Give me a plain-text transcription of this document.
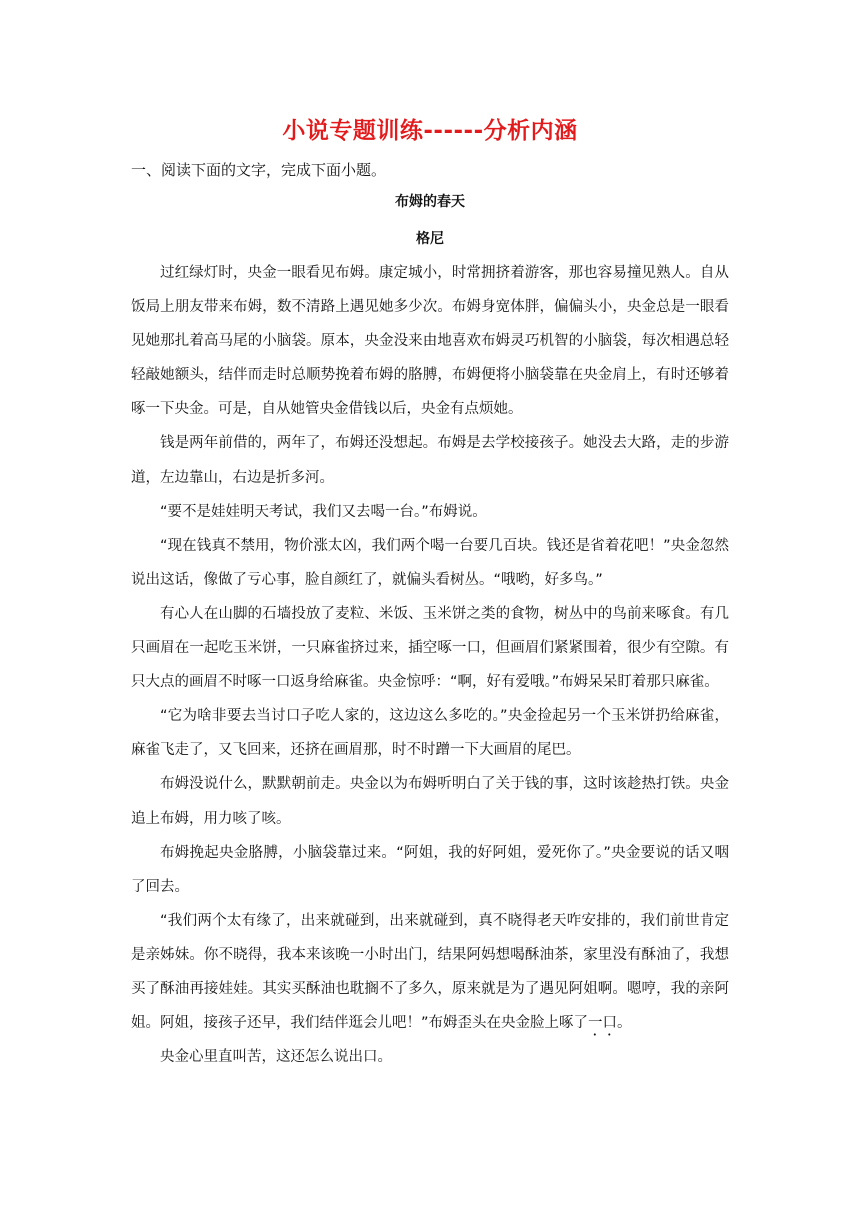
小说专题训练------分析内涵
一、阅读下面的文字，完成下面小题。
布姆的春天
格尼

过红绿灯时，央金一眼看见布姆。康定城小，时常拥挤着游客，那也容易撞见熟人。自从饭局上朋友带来布姆，数不清路上遇见她多少次。布姆身宽体胖，偏偏头小，央金总是一眼看见她那扎着高马尾的小脑袋。原本，央金没来由地喜欢布姆灵巧机智的小脑袋，每次相遇总轻轻敲她额头，结伴而走时总顺势挽着布姆的胳膊，布姆便将小脑袋靠在央金肩上，有时还够着啄一下央金。可是，自从她管央金借钱以后，央金有点烦她。

钱是两年前借的，两年了，布姆还没想起。布姆是去学校接孩子。她没去大路，走的步游道，左边靠山，右边是折多河。

“要不是娃娃明天考试，我们又去喝一台。”布姆说。

“现在钱真不禁用，物价涨太凶，我们两个喝一台要几百块。钱还是省着花吧！”央金忽然说出这话，像做了亏心事，脸自颜红了，就偏头看树丛。“哦哟，好多鸟。”

有心人在山脚的石墙投放了麦粒、米饭、玉米饼之类的食物，树丛中的鸟前来啄食。有几只画眉在一起吃玉米饼，一只麻雀挤过来，插空啄一口，但画眉们紧紧围着，很少有空隙。有只大点的画眉不时啄一口返身给麻雀。央金惊呼：“啊，好有爱哦。”布姆呆呆盯着那只麻雀。

“它为啥非要去当讨口子吃人家的，这边这么多吃的。”央金捡起另一个玉米饼扔给麻雀，麻雀飞走了，又飞回来，还挤在画眉那，时不时蹭一下大画眉的尾巴。

布姆没说什么，默默朝前走。央金以为布姆听明白了关于钱的事，这时该趁热打铁。央金追上布姆，用力咳了咳。

布姆挽起央金胳膊，小脑袋靠过来。“阿姐，我的好阿姐，爱死你了。”央金要说的话又咽了回去。

“我们两个太有缘了，出来就碰到，出来就碰到，真不晓得老天咋安排的，我们前世肯定是亲姊妹。你不晓得，我本来该晚一小时出门，结果阿妈想喝酥油茶，家里没有酥油了，我想买了酥油再接娃娃。其实买酥油也耽搁不了多久，原来就是为了遇见阿姐啊。嗯哼，我的亲阿姐。阿姐，接孩子还早，我们结伴逛会儿吧！”布姆歪头在央金脸上啄了一口。

央金心里直叫苦，这还怎么说出口。
